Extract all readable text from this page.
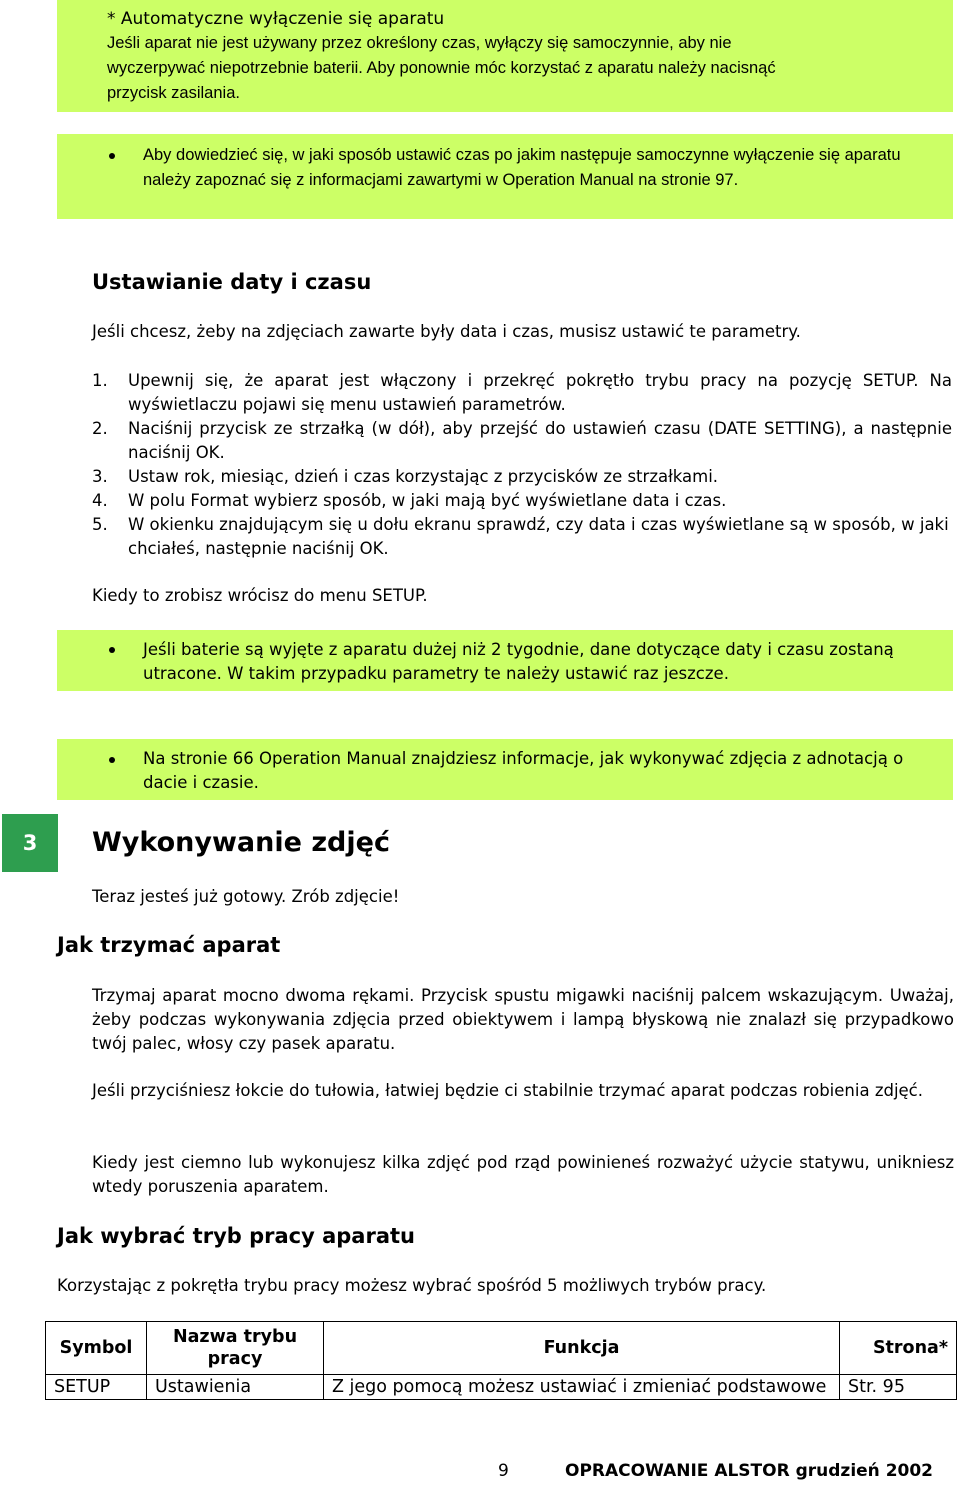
* Automatyczne wyłączenie się aparatu
Jeśli aparat nie jest używany przez określony czas, wyłączy się samoczynnie, aby nie
wyczerpywać niepotrzebnie baterii. Aby ponownie móc korzystać z aparatu należy nacisnąć
przycisk zasilania.
Aby dowiedzieć się, w jaki sposób ustawić czas po jakim następuje samoczynne wyłączenie się aparatu należy zapoznać się z informacjami zawartymi w Operation Manual na stronie 97.
Ustawianie daty i czasu
Jeśli chcesz, żeby na zdjęciach zawarte były data i czas, musisz ustawić te parametry.
1. Upewnij się, że aparat jest włączony i przekręć pokrętło trybu pracy na pozycję SETUP. Na wyświetlaczu pojawi się menu ustawień parametrów.
2. Naciśnij przycisk ze strzałką (w dół), aby przejść do ustawień czasu (DATE SETTING), a następnie naciśnij OK.
3. Ustaw rok, miesiąc, dzień i czas korzystając z przycisków ze strzałkami.
4. W polu Format wybierz sposób, w jaki mają być wyświetlane data i czas.
5. W okienku znajdującym się u dołu ekranu sprawdź, czy data i czas wyświetlane są w sposób, w jaki chciałeś, następnie naciśnij OK.
Kiedy to zrobisz wrócisz do menu SETUP.
Jeśli baterie są wyjęte z aparatu dużej niż 2 tygodnie, dane dotyczące daty i czasu zostaną utracone. W takim przypadku parametry te należy ustawić raz jeszcze.
Na stronie 66 Operation Manual znajdziesz informacje, jak wykonywać zdjęcia z adnotacją o dacie i czasie.
3 Wykonywanie zdjęć
Teraz jesteś już gotowy. Zrób zdjęcie!
Jak trzymać aparat
Trzymaj aparat mocno dwoma rękami. Przycisk spustu migawki naciśnij palcem wskazującym. Uważaj, żeby podczas wykonywania zdjęcia przed obiektywem i lampą błyskową nie znalazł się przypadkowo twój palec, włosy czy pasek aparatu.
Jeśli przyciśniesz łokcie do tułowia, łatwiej będzie ci stabilnie trzymać aparat podczas robienia zdjęć.
Kiedy jest ciemno lub wykonujesz kilka zdjęć pod rząd powinieneś rozważyć użycie statywu, unikniesz wtedy poruszenia aparatem.
Jak wybrać tryb pracy aparatu
Korzystając z pokrętła trybu pracy możesz wybrać spośród 5 możliwych trybów pracy.
Symbol	Nazwa trybu pracy	Funkcja	Strona*
SETUP	Ustawienia	Z jego pomocą możesz ustawiać i zmieniać podstawowe	Str. 95
9	OPRACOWANIE ALSTOR grudzień 2002
